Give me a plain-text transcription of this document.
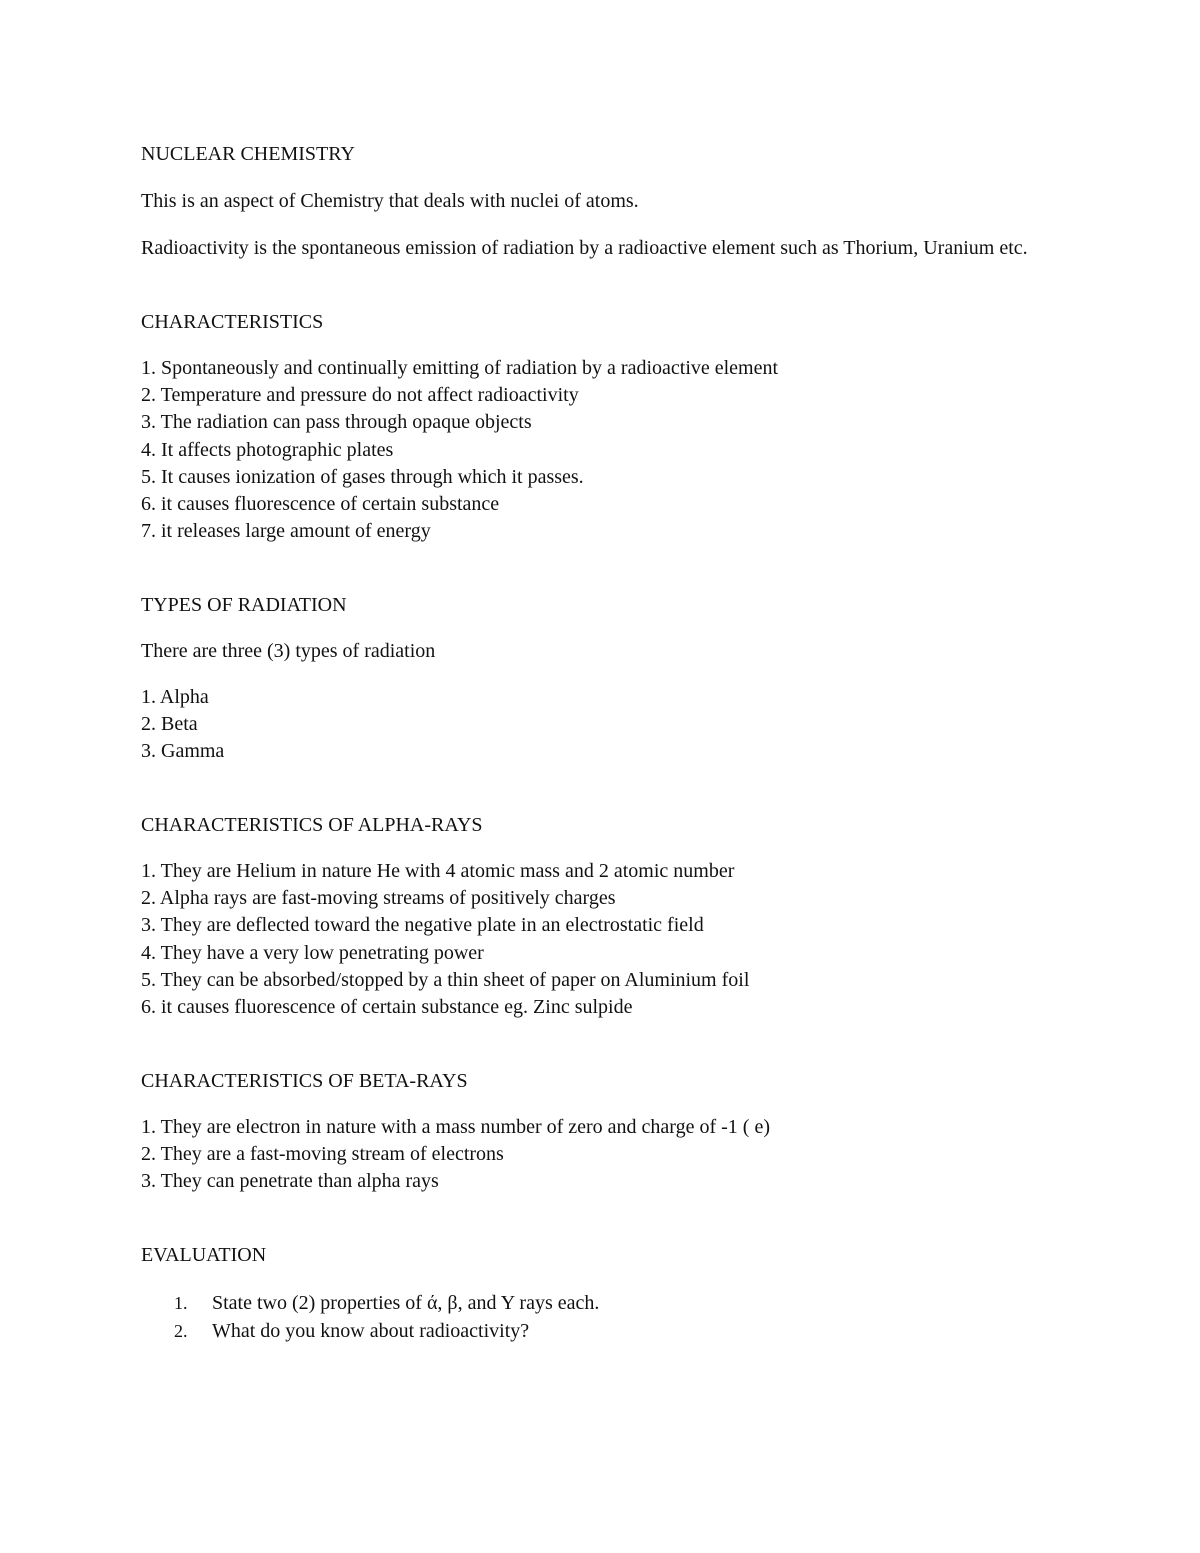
NUCLEAR CHEMISTRY

This is an aspect of Chemistry that deals with nuclei of atoms.

Radioactivity is the spontaneous emission of radiation by a radioactive element such as Thorium, Uranium etc.

CHARACTERISTICS

1. Spontaneously and continually emitting of radiation by a radioactive element
2. Temperature and pressure do not affect radioactivity
3. The radiation can pass through opaque objects
4. It affects photographic plates
5. It causes ionization of gases through which it passes.
6. it causes fluorescence of certain substance
7. it releases large amount of energy

TYPES OF RADIATION

There are three (3) types of radiation

1. Alpha
2. Beta
3. Gamma

CHARACTERISTICS OF ALPHA-RAYS

1. They are Helium in nature He with 4 atomic mass and 2 atomic number
2. Alpha rays are fast-moving streams of positively charges
3. They are deflected toward the negative plate in an electrostatic field
4. They have a very low penetrating power
5. They can be absorbed/stopped by a thin sheet of paper on Aluminium foil
6. it causes fluorescence of certain substance eg. Zinc sulpide

CHARACTERISTICS OF BETA-RAYS

1. They are electron in nature with a mass number of zero and charge of -1 ( e)
2. They are a fast-moving stream of electrons
3. They can penetrate than alpha rays

EVALUATION

1. State two (2) properties of ά, β, and Y rays each.
2. What do you know about radioactivity?
